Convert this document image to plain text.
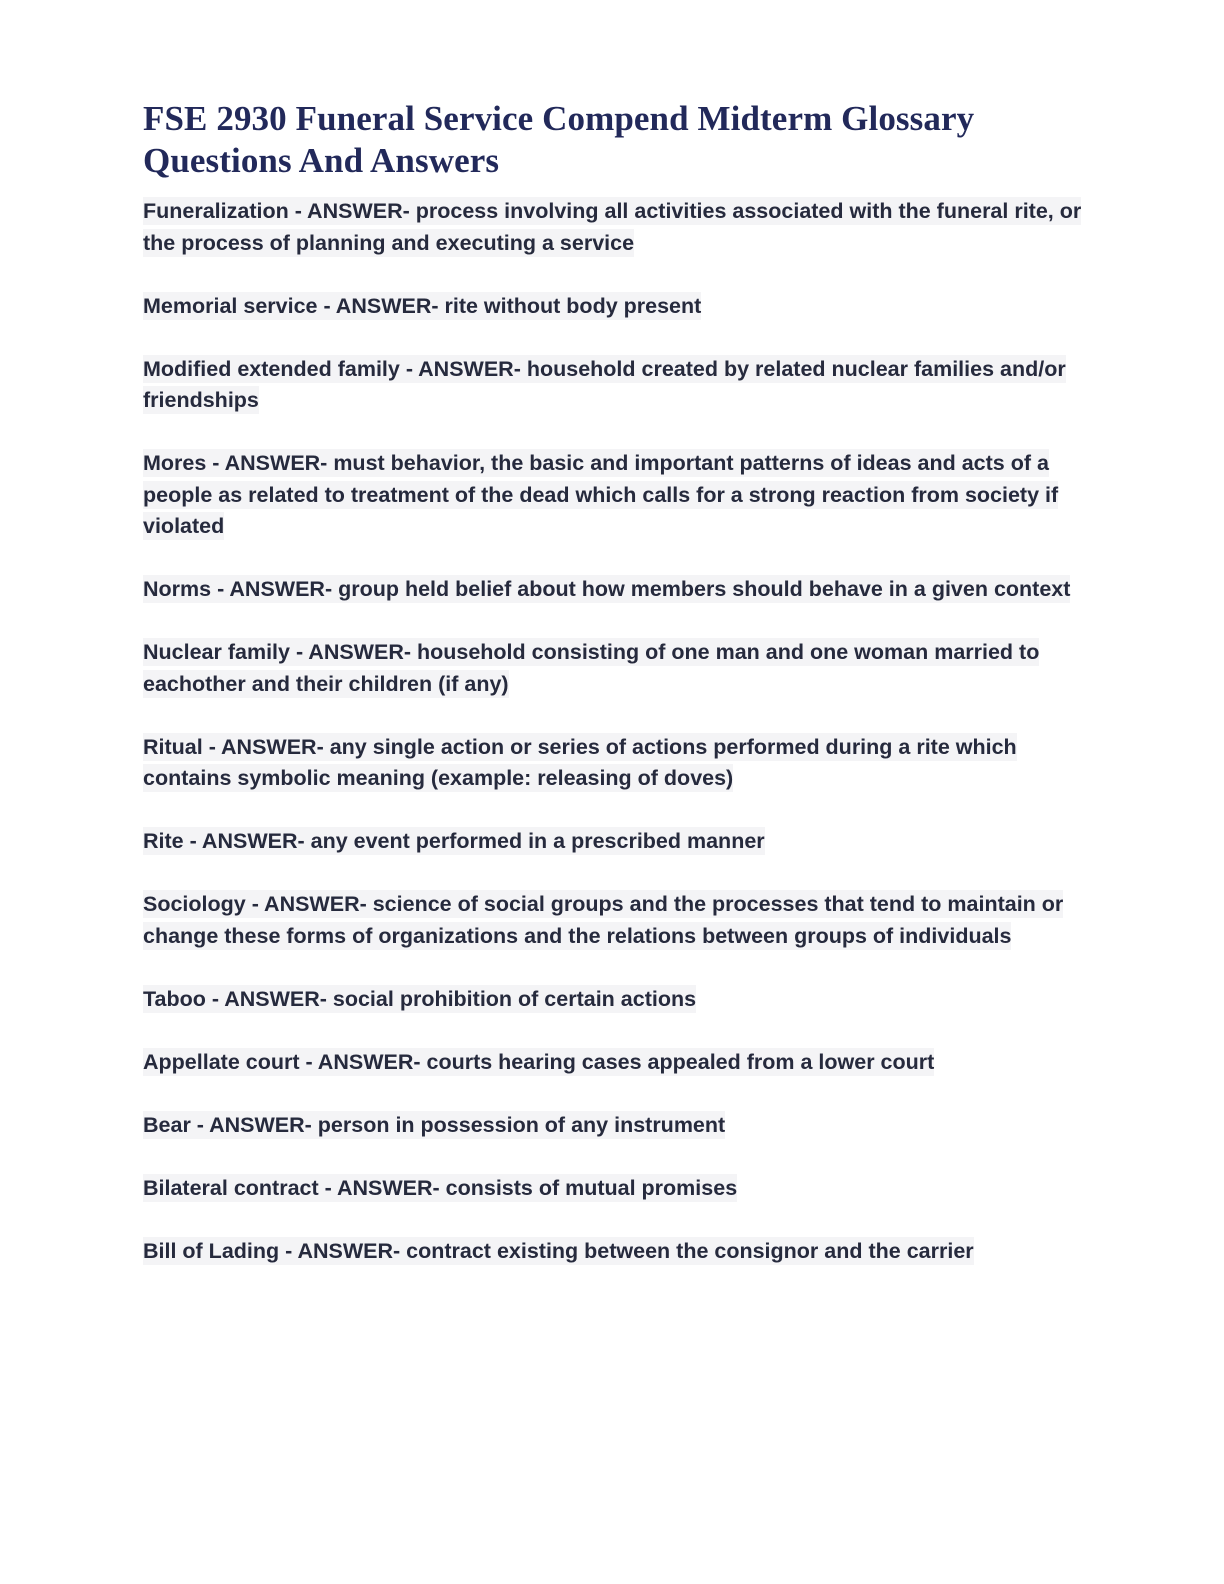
FSE 2930 Funeral Service Compend Midterm Glossary Questions And Answers

Funeralization - ANSWER- process involving all activities associated with the funeral rite, or the process of planning and executing a service

Memorial service - ANSWER- rite without body present

Modified extended family - ANSWER- household created by related nuclear families and/or friendships

Mores - ANSWER- must behavior, the basic and important patterns of ideas and acts of a people as related to treatment of the dead which calls for a strong reaction from society if violated

Norms - ANSWER- group held belief about how members should behave in a given context

Nuclear family - ANSWER- household consisting of one man and one woman married to eachother and their children (if any)

Ritual - ANSWER- any single action or series of actions performed during a rite which contains symbolic meaning (example: releasing of doves)

Rite - ANSWER- any event performed in a prescribed manner

Sociology - ANSWER- science of social groups and the processes that tend to maintain or change these forms of organizations and the relations between groups of individuals

Taboo - ANSWER- social prohibition of certain actions

Appellate court - ANSWER- courts hearing cases appealed from a lower court

Bear - ANSWER- person in possession of any instrument

Bilateral contract - ANSWER- consists of mutual promises

Bill of Lading - ANSWER- contract existing between the consignor and the carrier
